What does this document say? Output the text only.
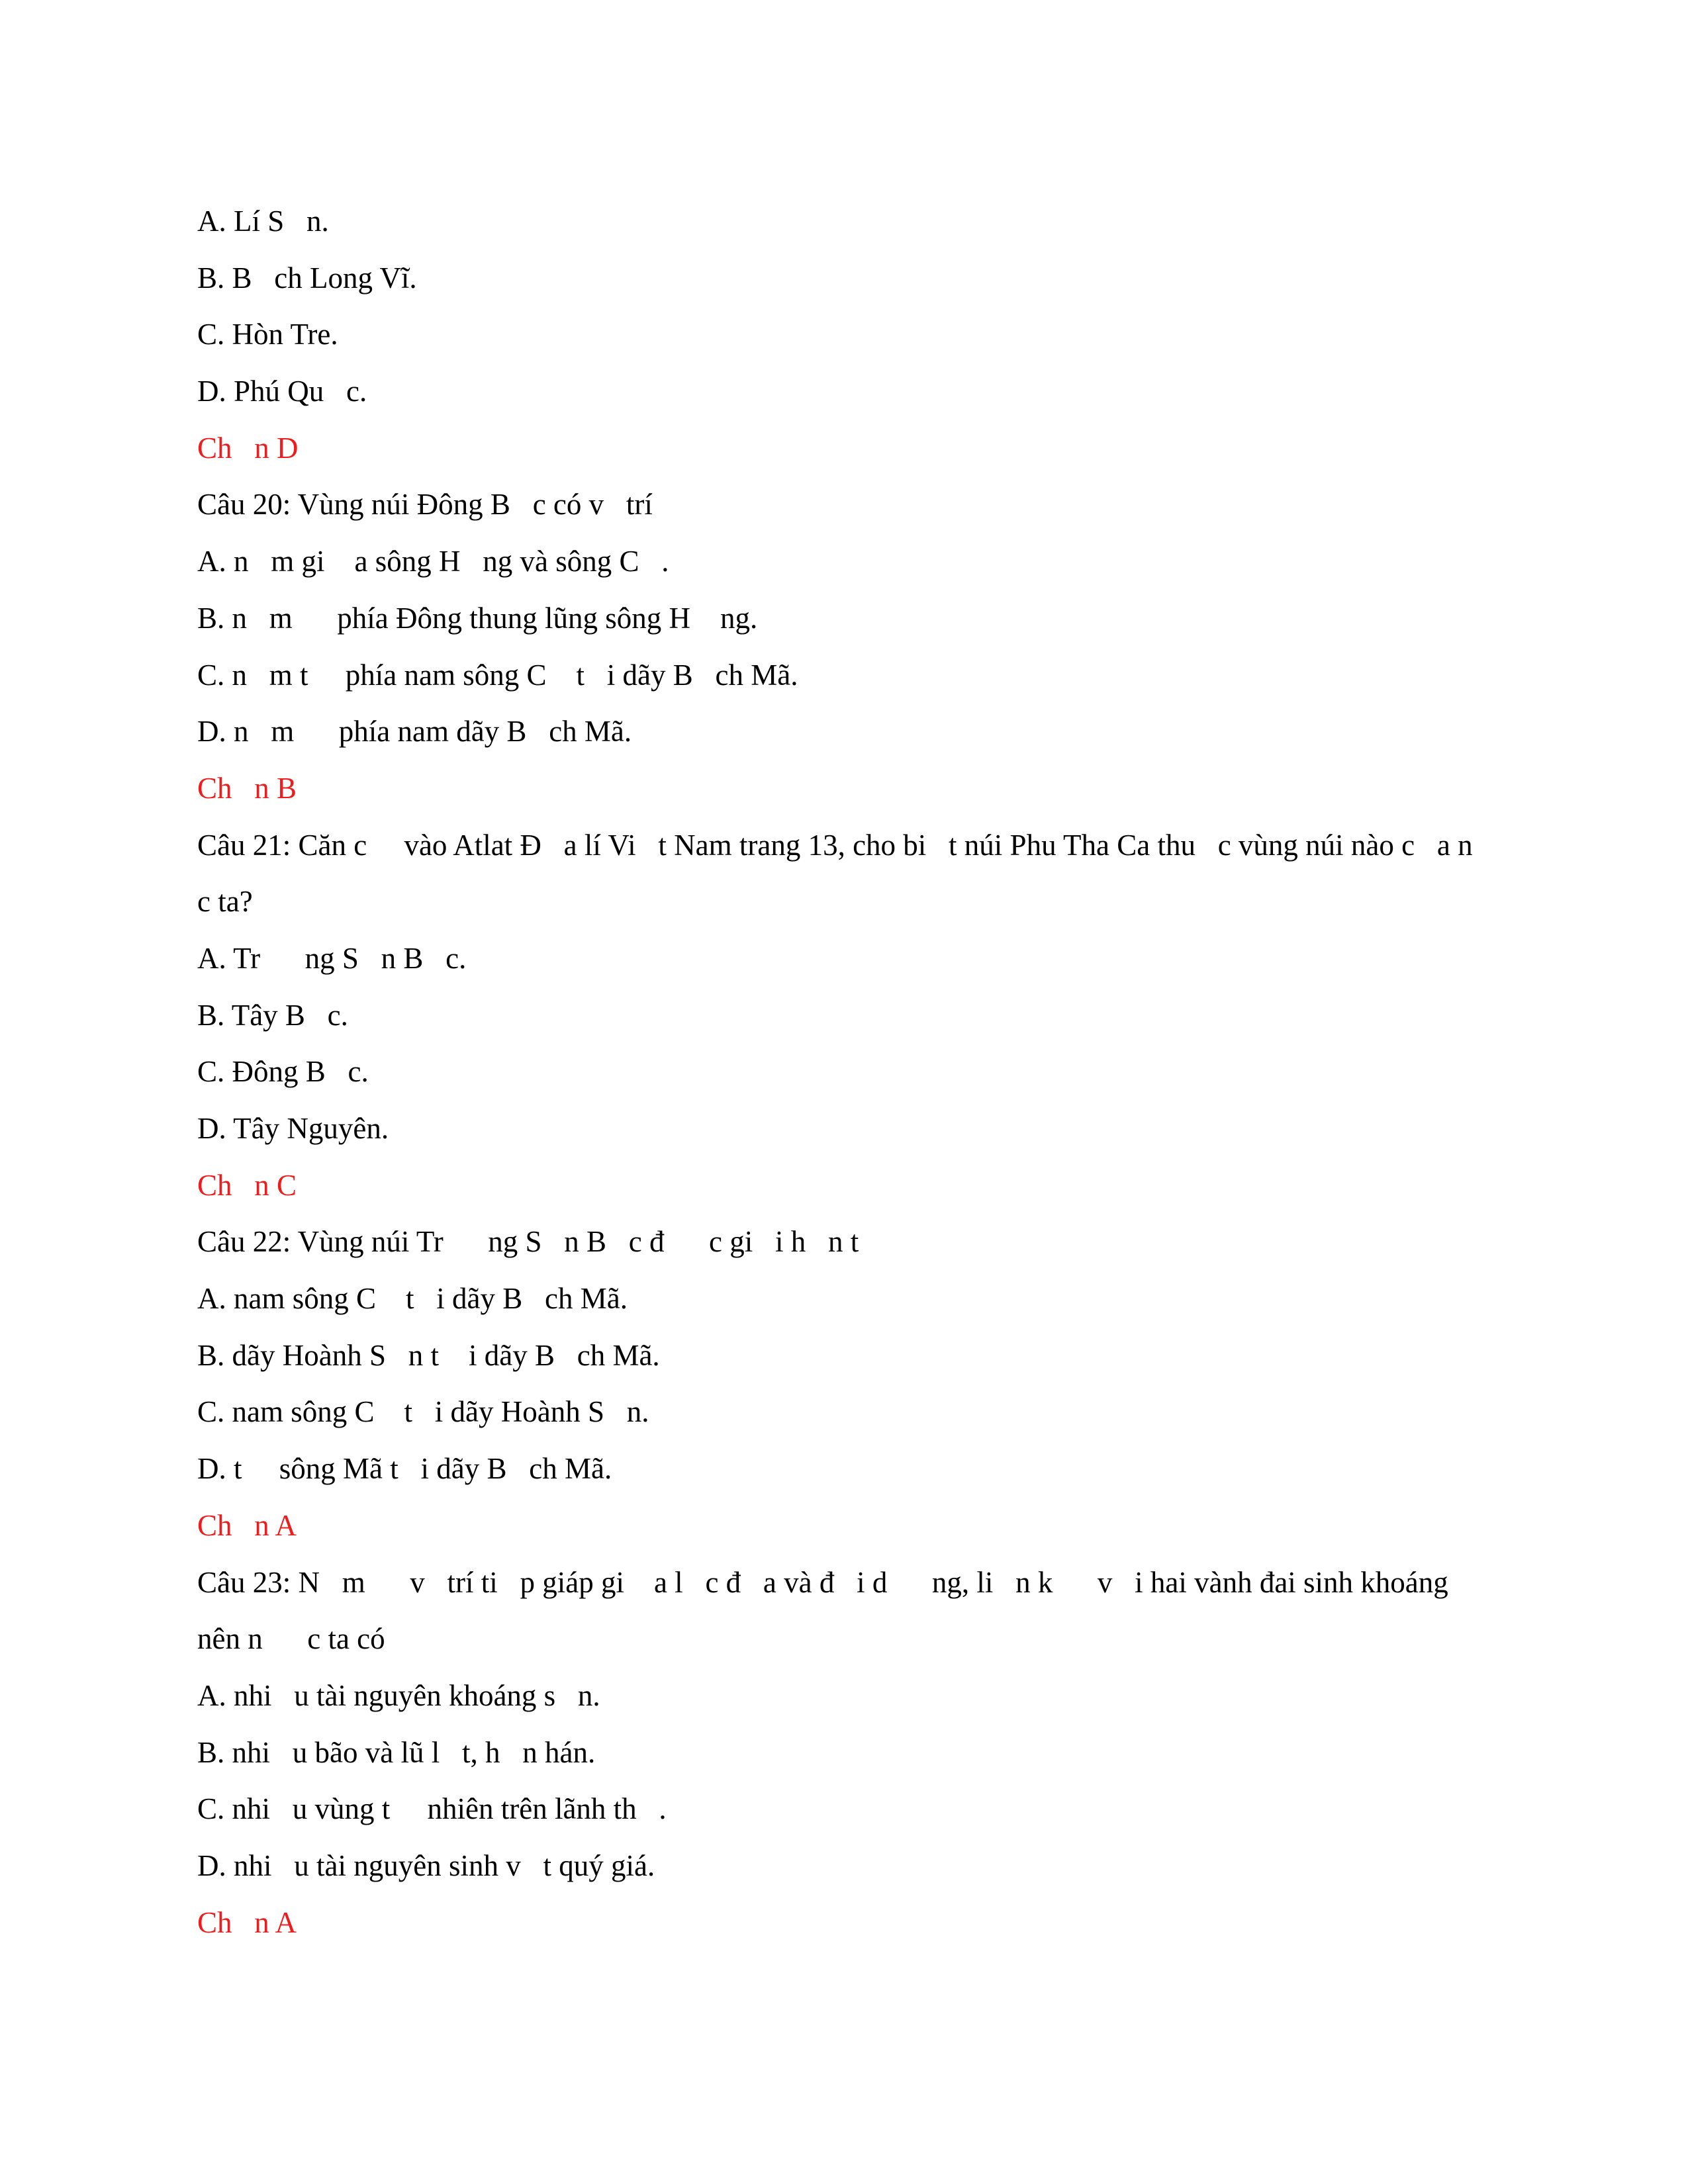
A. Lí S   n.
B. B   ch Long Vĩ.
C. Hòn Tre.
D. Phú Qu   c.
Ch   n D
Câu 20: Vùng núi Đông B   c có v   trí
A. n   m gi    a sông H   ng và sông C   .
B. n   m      phía Đông thung lũng sông H    ng.
C. n   m t     phía nam sông C    t   i dãy B   ch Mã.
D. n   m      phía nam dãy B   ch Mã.
Ch   n B
Câu 21: Căn c     vào Atlat Đ   a lí Vi   t Nam trang 13, cho bi   t núi Phu Tha Ca thu   c vùng núi nào c   a n      c ta?
A. Tr      ng S   n B   c.
B. Tây B   c.
C. Đông B   c.
D. Tây Nguyên.
Ch   n C
Câu 22: Vùng núi Tr      ng S   n B   c đ      c gi   i h   n t
A. nam sông C    t   i dãy B   ch Mã.
B. dãy Hoành S   n t    i dãy B   ch Mã.
C. nam sông C    t   i dãy Hoành S   n.
D. t     sông Mã t   i dãy B   ch Mã.
Ch   n A
Câu 23: N   m      v   trí ti   p giáp gi    a l   c đ   a và đ   i d      ng, li   n k      v   i hai vành đai sinh khoáng nên n      c ta có
A. nhi   u tài nguyên khoáng s   n.
B. nhi   u bão và lũ l   t, h   n hán.
C. nhi   u vùng t     nhiên trên lãnh th   .
D. nhi   u tài nguyên sinh v   t quý giá.
Ch   n A
